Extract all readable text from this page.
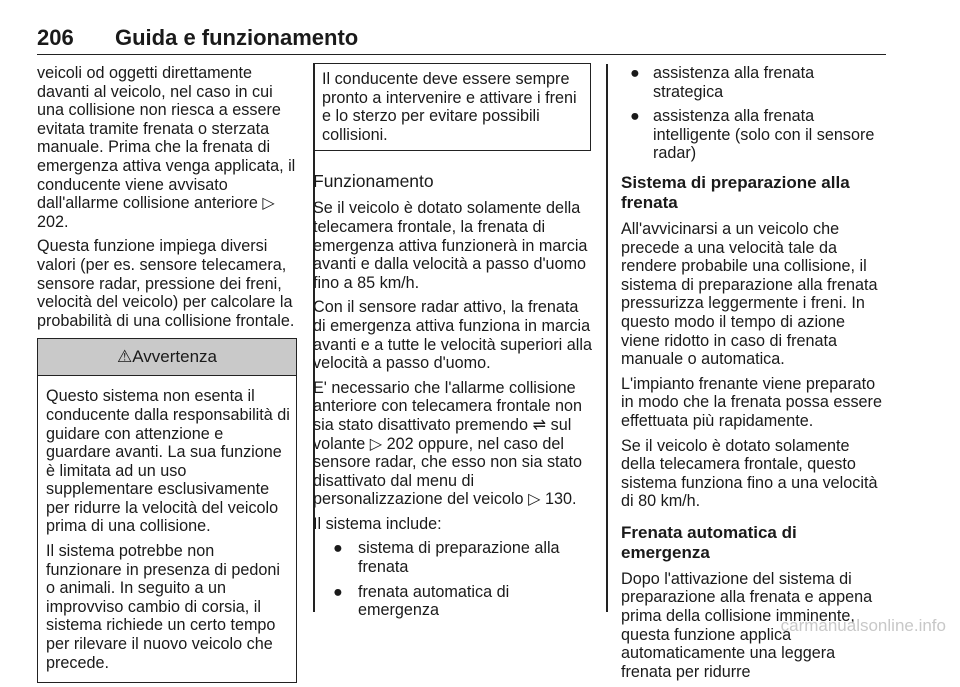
206 Guida e funzionamento

veicoli od oggetti direttamente davanti al veicolo, nel caso in cui una collisione non riesca a essere evitata tramite frenata o sterzata manuale. Prima che la frenata di emergenza attiva venga applicata, il conducente viene avvisato dall'allarme collisione anteriore ▷ 202.

Questa funzione impiega diversi valori (per es. sensore telecamera, sensore radar, pressione dei freni, velocità del veicolo) per calcolare la probabilità di una collisione frontale.

⚠ Avvertenza

Questo sistema non esenta il conducente dalla responsabilità di guidare con attenzione e guardare avanti. La sua funzione è limitata ad un uso supplementare esclusivamente per ridurre la velocità del veicolo prima di una collisione.

Il sistema potrebbe non funzionare in presenza di pedoni o animali. In seguito a un improvviso cambio di corsia, il sistema richiede un certo tempo per rilevare il nuovo veicolo che precede.

Il conducente deve essere sempre pronto a intervenire e attivare i freni e lo sterzo per evitare possibili collisioni.
Funzionamento

Se il veicolo è dotato solamente della telecamera frontale, la frenata di emergenza attiva funzionerà in marcia avanti e dalla velocità a passo d'uomo fino a 85 km/h.

Con il sensore radar attivo, la frenata di emergenza attiva funziona in marcia avanti e a tutte le velocità superiori alla velocità a passo d'uomo.

E' necessario che l'allarme collisione anteriore con telecamera frontale non sia stato disattivato premendo ⇌ sul volante ▷ 202 oppure, nel caso del sensore radar, che esso non sia stato disattivato dal menu di personalizzazione del veicolo ▷ 130.

Il sistema include:

● sistema di preparazione alla frenata
● frenata automatica di emergenza
● assistenza alla frenata strategica
● assistenza alla frenata intelligente (solo con il sensore radar)
Sistema di preparazione alla frenata

All'avvicinarsi a un veicolo che precede a una velocità tale da rendere probabile una collisione, il sistema di preparazione alla frenata pressurizza leggermente i freni. In questo modo il tempo di azione viene ridotto in caso di frenata manuale o automatica.

L'impianto frenante viene preparato in modo che la frenata possa essere effettuata più rapidamente.

Se il veicolo è dotato solamente della telecamera frontale, questo sistema funziona fino a una velocità di 80 km/h.

Frenata automatica di emergenza

Dopo l'attivazione del sistema di preparazione alla frenata e appena prima della collisione imminente, questa funzione applica automaticamente una leggera frenata per ridurre

carmanualsonline.info
